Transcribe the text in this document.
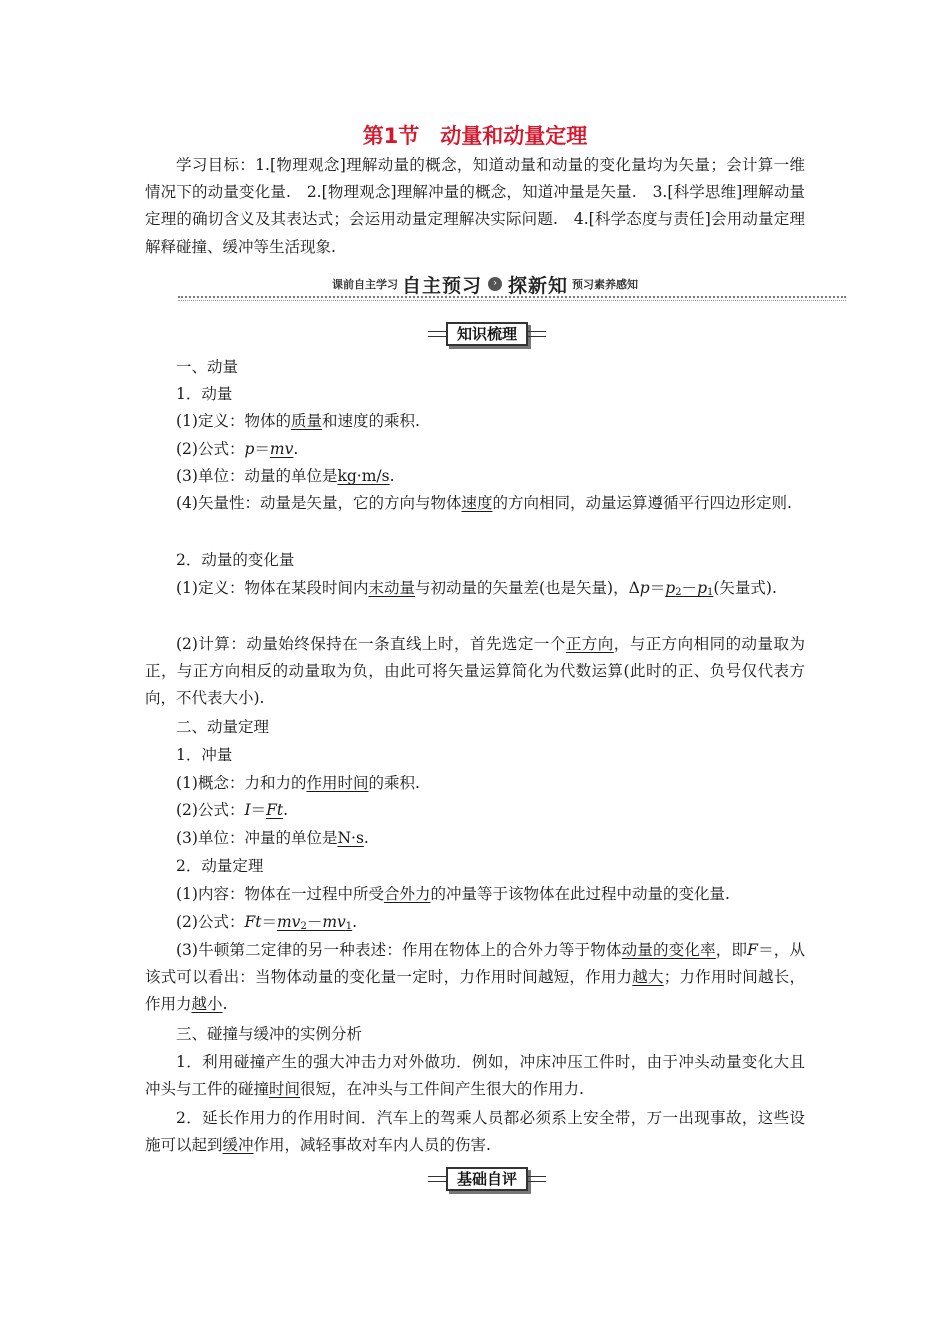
第1节　动量和动量定理

学习目标：1.[物理观念]理解动量的概念，知道动量和动量的变化量均为矢量；会计算一维情况下的动量变化量.　2.[物理观念]理解冲量的概念，知道冲量是矢量.　3.[科学思维]理解动量定理的确切含义及其表达式；会运用动量定理解决实际问题.　4.[科学态度与责任]会用动量定理解释碰撞、缓冲等生活现象.

课前自主学习 自主预习	› 探新知 预习素养感知
知识梳理
一、动量
1．动量
(1)定义：物体的质量和速度的乘积.
(2)公式：p＝mv.
(3)单位：动量的单位是kg·m/s.

(4)矢量性：动量是矢量，它的方向与物体速度的方向相同，动量运算遵循平行四边形定则.

2．动量的变化量

(1)定义：物体在某段时间内末动量与初动量的矢量差(也是矢量)，$\Delta p=p_2-p_1$(矢量式).

(2)计算：动量始终保持在一条直线上时，首先选定一个正方向，与正方向相同的动量取为正，与正方向相反的动量取为负，由此可将矢量运算简化为代数运算(此时的正、负号仅代表方向，不代表大小).

二、动量定理
1．冲量
(1)概念：力和力的作用时间的乘积.
(2)公式：I＝Ft.
(3)单位：冲量的单位是N·s.
2．动量定理
(1)内容：物体在一过程中所受合外力的冲量等于该物体在此过程中动量的变化量.
(2)公式：$Ft=mv_2-mv_1$.

(3)牛顿第二定律的另一种表述：作用在物体上的合外力等于物体动量的变化率，即F＝，从该式可以看出：当物体动量的变化量一定时，力作用时间越短，作用力越大；力作用时间越长，作用力越小.

三、碰撞与缓冲的实例分析

1．利用碰撞产生的强大冲击力对外做功．例如，冲床冲压工件时，由于冲头动量变化大且冲头与工件的碰撞时间很短，在冲头与工件间产生很大的作用力.

2．延长作用力的作用时间．汽车上的驾乘人员都必须系上安全带，万一出现事故，这些设施可以起到缓冲作用，减轻事故对车内人员的伤害.

基础自评
